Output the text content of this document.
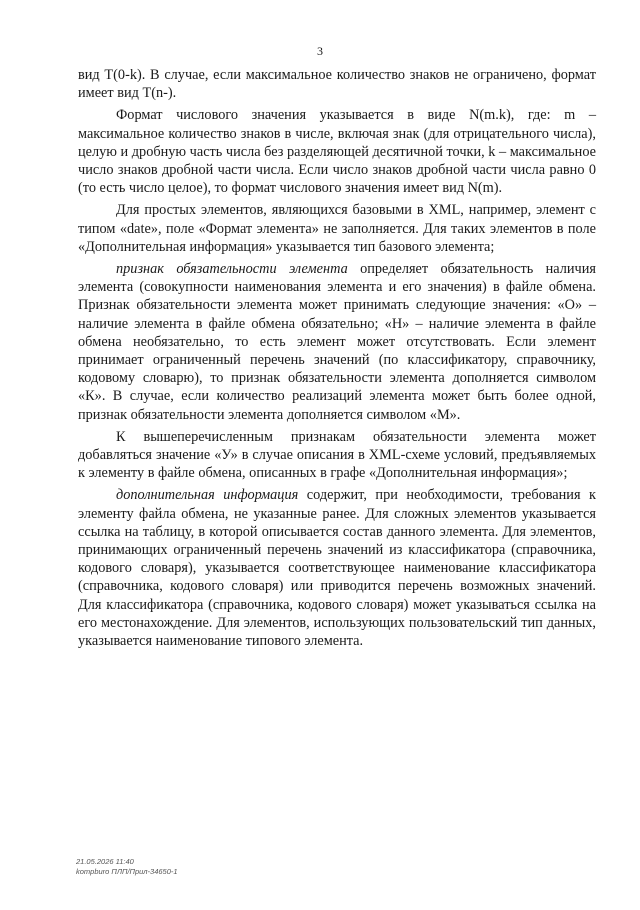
3

вид T(0-k). В случае, если максимальное количество знаков не ограничено, формат имеет вид T(n-).

Формат числового значения указывается в виде N(m.k), где: m – максимальное количество знаков в числе, включая знак (для отрицательного числа), целую и дробную часть числа без разделяющей десятичной точки, k – максимальное число знаков дробной части числа. Если число знаков дробной части числа равно 0 (то есть число целое), то формат числового значения имеет вид N(m).

Для простых элементов, являющихся базовыми в XML, например, элемент с типом «date», поле «Формат элемента» не заполняется. Для таких элементов в поле «Дополнительная информация» указывается тип базового элемента;

признак обязательности элемента определяет обязательность наличия элемента (совокупности наименования элемента и его значения) в файле обмена. Признак обязательности элемента может принимать следующие значения: «О» – наличие элемента в файле обмена обязательно; «Н» – наличие элемента в файле обмена необязательно, то есть элемент может отсутствовать. Если элемент принимает ограниченный перечень значений (по классификатору, справочнику, кодовому словарю), то признак обязательности элемента дополняется символом «К». В случае, если количество реализаций элемента может быть более одной, признак обязательности элемента дополняется символом «М».

К вышеперечисленным признакам обязательности элемента может добавляться значение «У» в случае описания в XML-схеме условий, предъявляемых к элементу в файле обмена, описанных в графе «Дополнительная информация»;

дополнительная информация содержит, при необходимости, требования к элементу файла обмена, не указанные ранее. Для сложных элементов указывается ссылка на таблицу, в которой описывается состав данного элемента. Для элементов, принимающих ограниченный перечень значений из классификатора (справочника, кодового словаря), указывается соответствующее наименование классификатора (справочника, кодового словаря) или приводится перечень возможных значений. Для классификатора (справочника, кодового словаря) может указываться ссылка на его местонахождение. Для элементов, использующих пользовательский тип данных, указывается наименование типового элемента.

21.05.2026 11:40
kompburo ПЛП/Прил-34650-1
